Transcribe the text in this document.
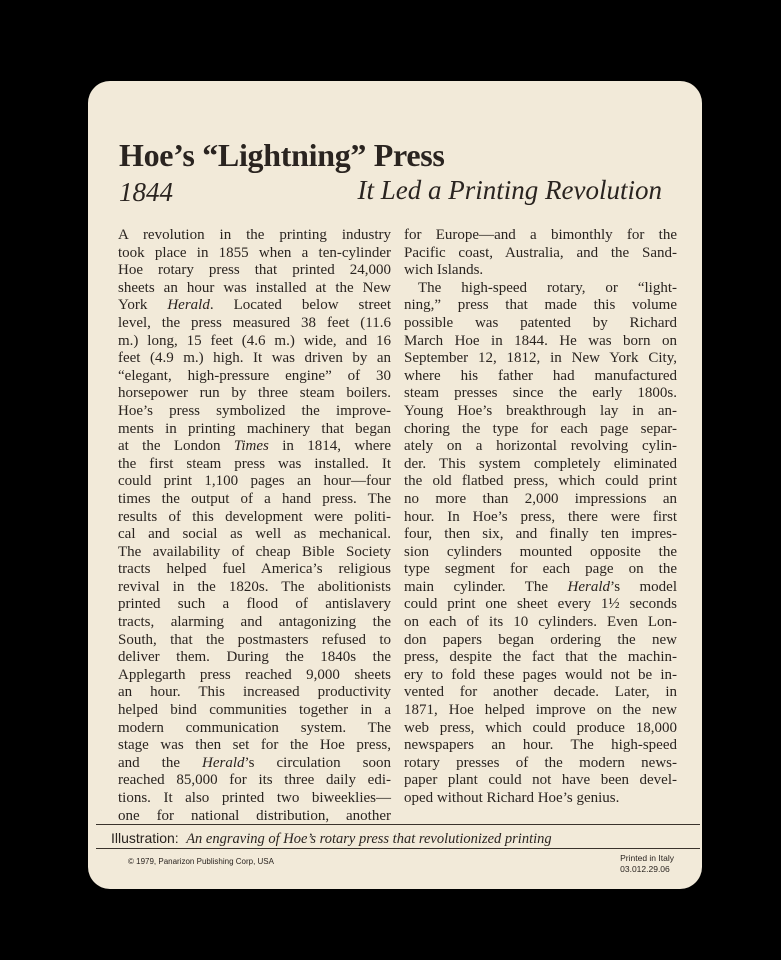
Hoe’s “Lightning” Press
1844	It Led a Printing Revolution
A revolution in the printing industry
took place in 1855 when a ten-cylinder
Hoe rotary press that printed 24,000
sheets an hour was installed at the New
York Herald. Located below street
level, the press measured 38 feet (11.6
m.) long, 15 feet (4.6 m.) wide, and 16
feet (4.9 m.) high. It was driven by an
“elegant, high-pressure engine” of 30
horsepower run by three steam boilers.
Hoe’s press symbolized the improve-
ments in printing machinery that began
at the London Times in 1814, where
the first steam press was installed. It
could print 1,100 pages an hour—four
times the output of a hand press. The
results of this development were politi-
cal and social as well as mechanical.
The availability of cheap Bible Society
tracts helped fuel America’s religious
revival in the 1820s. The abolitionists
printed such a flood of antislavery
tracts, alarming and antagonizing the
South, that the postmasters refused to
deliver them. During the 1840s the
Applegarth press reached 9,000 sheets
an hour. This increased productivity
helped bind communities together in a
modern communication system. The
stage was then set for the Hoe press,
and the Herald’s circulation soon
reached 85,000 for its three daily edi-
tions. It also printed two biweeklies—
one for national distribution, another
for Europe—and a bimonthly for the
Pacific coast, Australia, and the Sand-
wich Islands.
The high-speed rotary, or “light-
ning,” press that made this volume
possible was patented by Richard
March Hoe in 1844. He was born on
September 12, 1812, in New York City,
where his father had manufactured
steam presses since the early 1800s.
Young Hoe’s breakthrough lay in an-
choring the type for each page separ-
ately on a horizontal revolving cylin-
der. This system completely eliminated
the old flatbed press, which could print
no more than 2,000 impressions an
hour. In Hoe’s press, there were first
four, then six, and finally ten impres-
sion cylinders mounted opposite the
type segment for each page on the
main cylinder. The Herald’s model
could print one sheet every 1½ seconds
on each of its 10 cylinders. Even Lon-
don papers began ordering the new
press, despite the fact that the machin-
ery to fold these pages would not be in-
vented for another decade. Later, in
1871, Hoe helped improve on the new
web press, which could produce 18,000
newspapers an hour. The high-speed
rotary presses of the modern news-
paper plant could not have been devel-
oped without Richard Hoe’s genius.
Illustration: An engraving of Hoe’s rotary press that revolutionized printing
© 1979, Panarizon Publishing Corp, USA	Printed in Italy
03.012.29.06
